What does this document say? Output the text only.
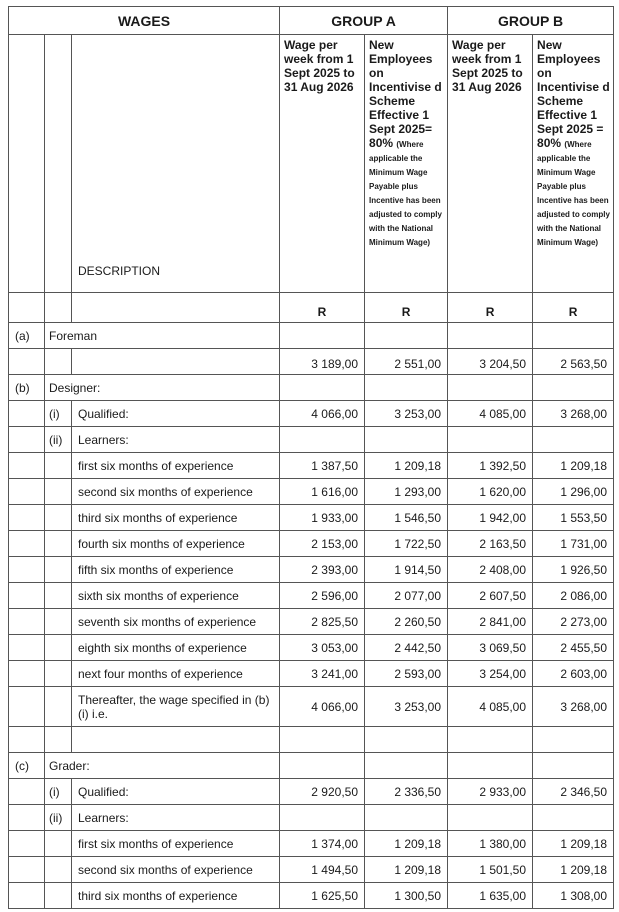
WAGES			GROUP A		GROUP B	
		DESCRIPTION	Wage per week from 1 Sept 2025 to 31 Aug 2026	New Employees on Incentivise d Scheme Effective 1 Sept 2025= 80% (Where applicable the Minimum Wage Payable plus Incentive has been adjusted to comply with the National Minimum Wage)	Wage per week from 1 Sept 2025 to 31 Aug 2026	New Employees on Incentivise d Scheme Effective 1 Sept 2025 = 80% (Where applicable the Minimum Wage Payable plus Incentive has been adjusted to comply with the National Minimum Wage)
			R	R	R	R
(a)	Foreman					
			3 189,00	2 551,00	3 204,50	2 563,50
(b)	Designer:					
	(i)	Qualified:	4 066,00	3 253,00	4 085,00	3 268,00
	(ii)	Learners:				
		first six months of experience	1 387,50	1 209,18	1 392,50	1 209,18
		second six months of experience	1 616,00	1 293,00	1 620,00	1 296,00
		third six months of experience	1 933,00	1 546,50	1 942,00	1 553,50
		fourth six months of experience	2 153,00	1 722,50	2 163,50	1 731,00
		fifth six months of experience	2 393,00	1 914,50	2 408,00	1 926,50
		sixth six months of experience	2 596,00	2 077,00	2 607,50	2 086,00
		seventh six months of experience	2 825,50	2 260,50	2 841,00	2 273,00
		eighth six months of experience	3 053,00	2 442,50	3 069,50	2 455,50
		next four months of experience	3 241,00	2 593,00	3 254,00	2 603,00
		Thereafter, the wage specified in (b)(i) i.e.	4 066,00	3 253,00	4 085,00	3 268,00

(c)	Grader:					
	(i)	Qualified:	2 920,50	2 336,50	2 933,00	2 346,50
	(ii)	Learners:				
		first six months of experience	1 374,00	1 209,18	1 380,00	1 209,18
		second six months of experience	1 494,50	1 209,18	1 501,50	1 209,18
		third six months of experience	1 625,50	1 300,50	1 635,00	1 308,00
